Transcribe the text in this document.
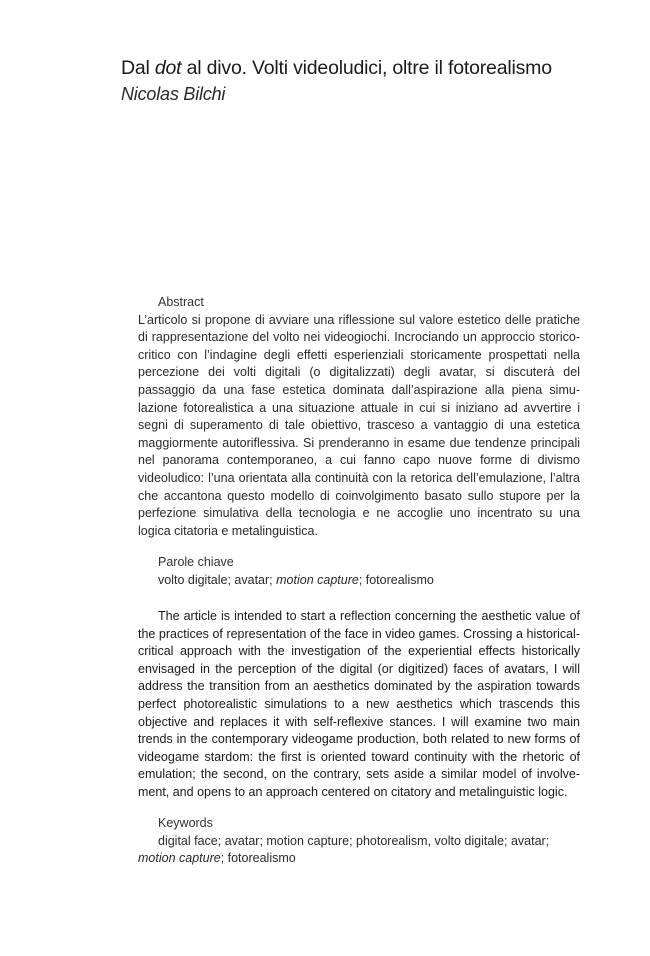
Dal dot al divo. Volti videoludici, oltre il fotorealismo
Nicolas Bilchi
Abstract
L’articolo si propone di avviare una riflessione sul valore estetico delle pratiche di rappresentazione del volto nei videogiochi. Incrociando un approccio storico-critico con l’indagine degli effetti esperienziali storicamente prospettati nella percezione dei volti digitali (o digitalizzati) degli avatar, si discuterà del passaggio da una fase estetica dominata dall’aspirazione alla piena simulazione fotorealistica a una situazione attuale in cui si iniziano ad avvertire i segni di superamento di tale obiettivo, trasceso a vantaggio di una estetica maggiormente autoriflessiva. Si prenderanno in esame due tendenze principali nel panorama contemporaneo, a cui fanno capo nuove forme di divismo videoludico: l’una orientata alla continuità con la retorica dell’emulazione, l’altra che accantona questo modello di coinvolgimento basato sullo stupore per la perfezione simulativa della tecnologia e ne accoglie uno incentrato su una logica citatoria e metalinguistica.
Parole chiave
volto digitale; avatar; motion capture; fotorealismo
The article is intended to start a reflection concerning the aesthetic value of the practices of representation of the face in video games. Crossing a historical-critical approach with the investigation of the experiential effects historically envisaged in the perception of the digital (or digitized) faces of avatars, I will address the transition from an aesthetics dominated by the aspiration towards perfect photorealistic simulations to a new aesthetics which trascends this objective and replaces it with self-reflexive stances. I will examine two main trends in the contemporary videogame production, both related to new forms of videogame stardom: the first is oriented toward continuity with the rhetoric of emulation; the second, on the contrary, sets aside a similar model of involvement, and opens to an approach centered on citatory and metalinguistic logic.
Keywords
digital face; avatar; motion capture; photorealism, volto digitale; avatar;
motion capture; fotorealismo
